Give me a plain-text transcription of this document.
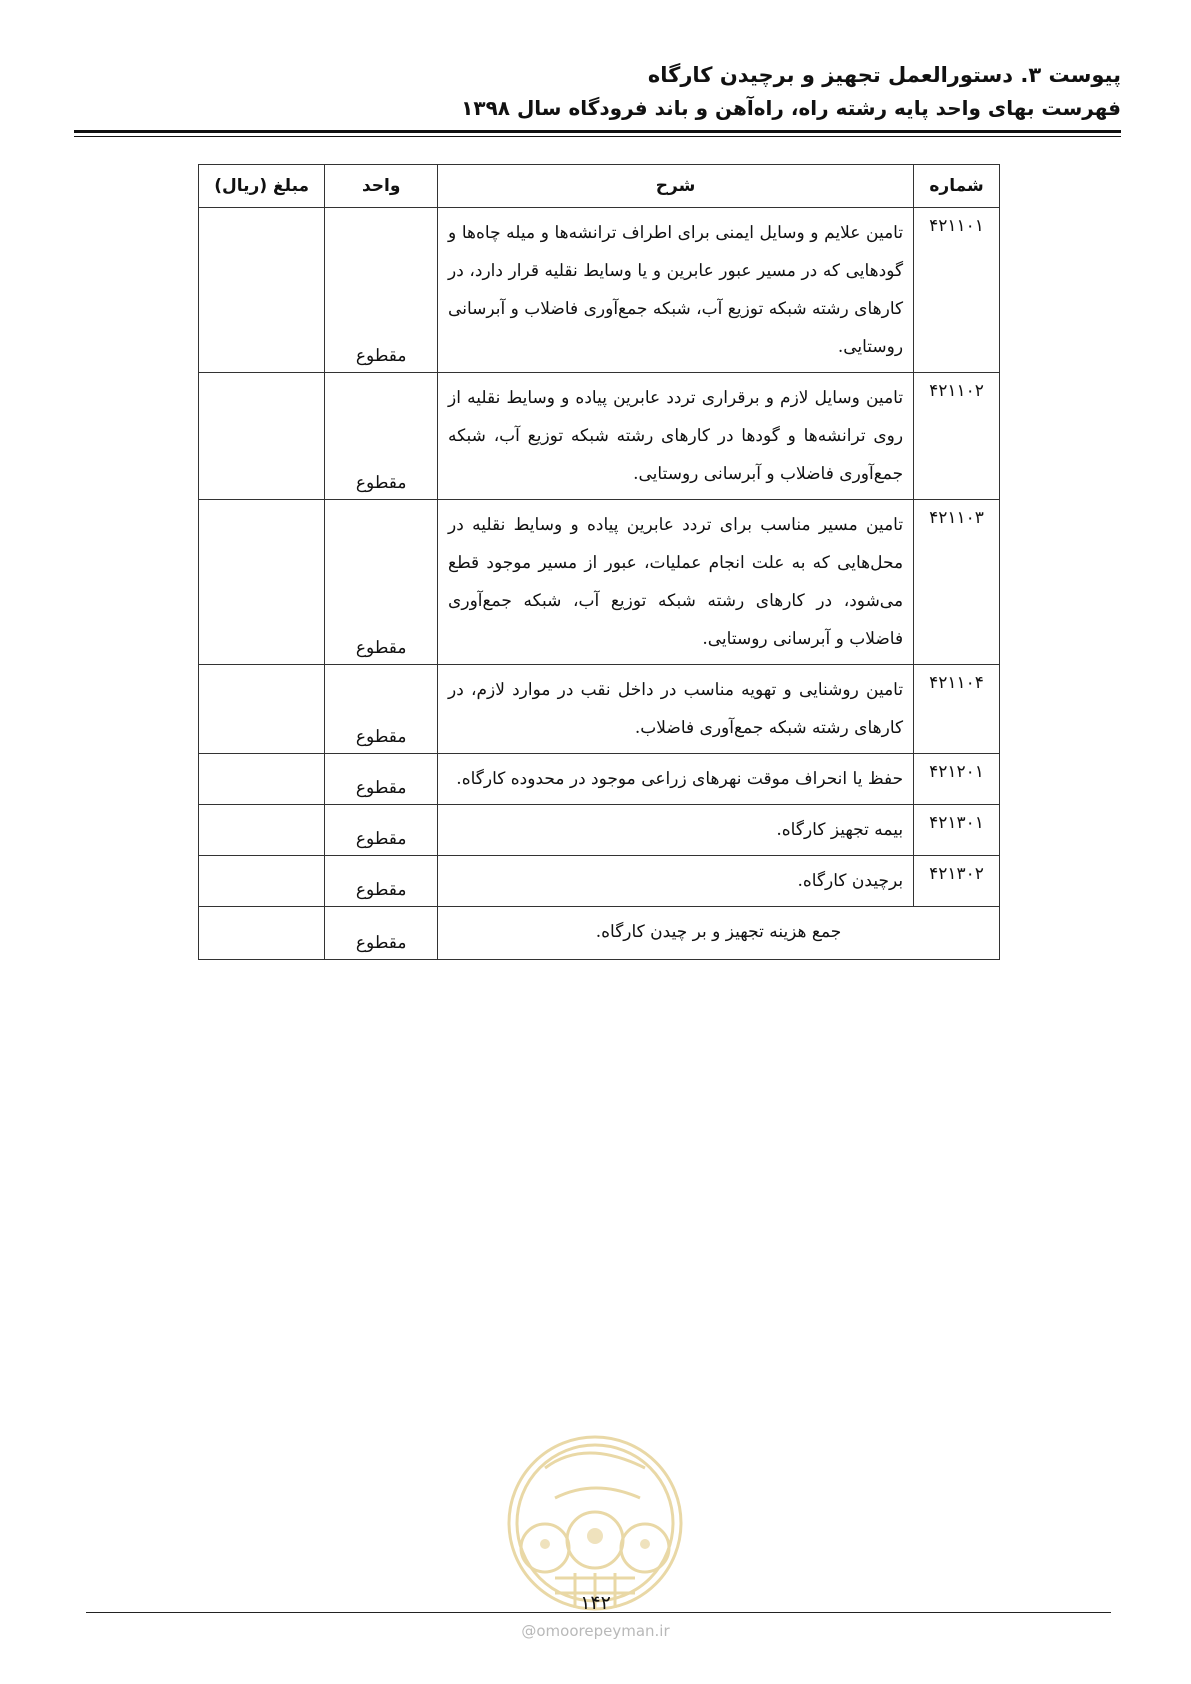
پیوست ۳. دستورالعمل تجهیز و برچیدن کارگاه
فهرست بهای واحد پایه رشته راه، راه‌آهن و باند فرودگاه سال ۱۳۹۸
شماره	شرح	واحد	مبلغ (ریال)
۴۲۱۱۰۱	تامین علایم و وسایل ایمنی برای اطراف ترانشه‌ها و میله چاه‌ها و گودهایی که در مسیر عبور عابرین و یا وسایط نقلیه قرار دارد، در کارهای رشته شبکه توزیع آب، شبکه جمع‌آوری فاضلاب و آبرسانی روستایی.	مقطوع	
۴۲۱۱۰۲	تامین وسایل لازم و برقراری تردد عابرین پیاده و وسایط نقلیه از روی ترانشه‌ها و گودها در کارهای رشته شبکه توزیع آب، شبکه جمع‌آوری فاضلاب و آبرسانی روستایی.	مقطوع	
۴۲۱۱۰۳	تامین مسیر مناسب برای تردد عابرین پیاده و وسایط نقلیه در محل‌هایی که به علت انجام عملیات، عبور از مسیر موجود قطع می‌شود، در کارهای رشته شبکه توزیع آب، شبکه جمع‌آوری فاضلاب و آبرسانی روستایی.	مقطوع	
۴۲۱۱۰۴	تامین روشنایی و تهویه مناسب در داخل نقب در موارد لازم، در کارهای رشته شبکه جمع‌آوری فاضلاب.	مقطوع	
۴۲۱۲۰۱	حفظ یا انحراف موقت نهرهای زراعی موجود در محدوده کارگاه.	مقطوع	
۴۲۱۳۰۱	بیمه تجهیز کارگاه.	مقطوع	
۴۲۱۳۰۲	برچیدن کارگاه.	مقطوع	
جمع هزینه تجهیز و بر چیدن کارگاه.		مقطوع	
۱۴۲
@omoorepeyman.ir
